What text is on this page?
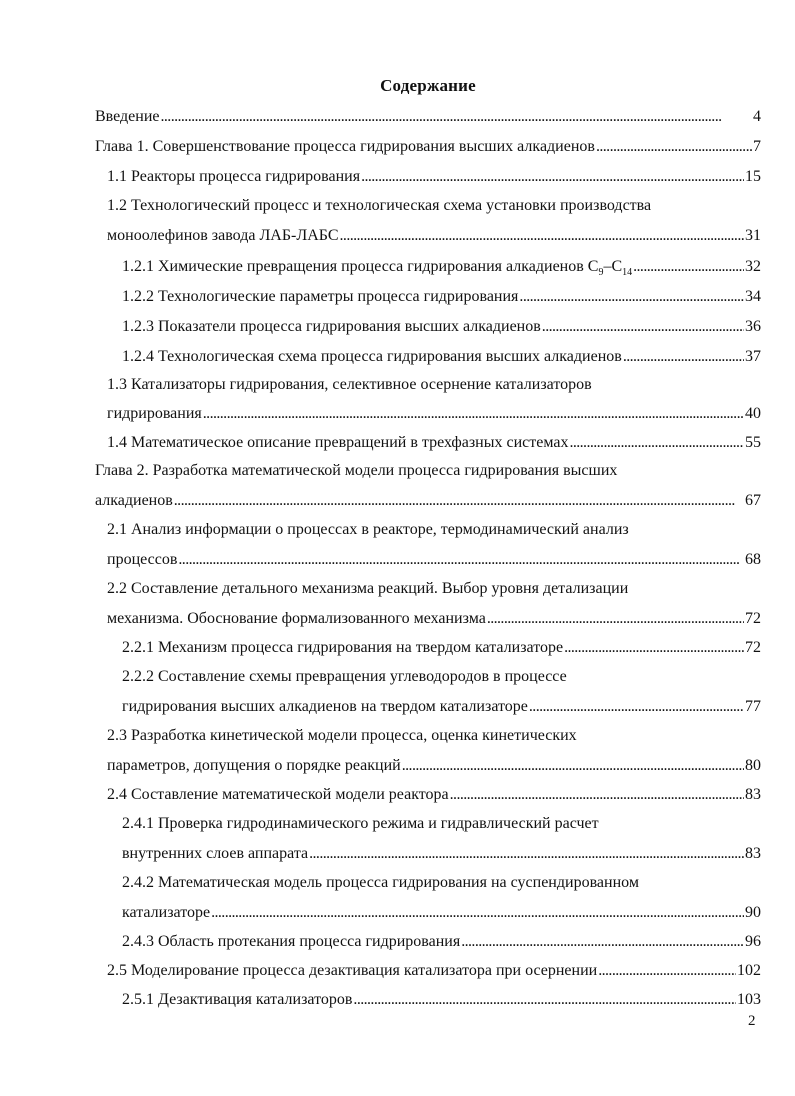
Содержание
Введение . . .	4
Глава 1. Совершенствование процесса гидрирования высших алкадиенов . . .	7
1.1 Реакторы процесса гидрирования . . .	15
1.2 Технологический процесс и технологическая схема установки производства
моноолефинов завода ЛАБ-ЛАБС . . .	31
1.2.1 Химические превращения процесса гидрирования алкадиенов $С_9-С_{14}$ . . .	32
1.2.2 Технологические параметры процесса гидрирования . . .	34
1.2.3 Показатели процесса гидрирования высших алкадиенов . . .	36
1.2.4 Технологическая схема процесса гидрирования высших алкадиенов . . .	37
1.3 Катализаторы гидрирования, селективное осернение катализаторов
гидрирования . . .	40
1.4 Математическое описание превращений в трехфазных системах . . .	55
Глава 2. Разработка математической модели процесса гидрирования высших
алкадиенов . . .	67
2.1 Анализ информации о процессах в реакторе, термодинамический анализ
процессов . . .	68
2.2 Составление детального механизма реакций. Выбор уровня детализации
механизма. Обоснование формализованного механизма . . .	72
2.2.1 Механизм процесса гидрирования на твердом катализаторе . . .	72
2.2.2 Составление схемы превращения углеводородов в процессе
гидрирования высших алкадиенов на твердом катализаторе . . .	77
2.3 Разработка кинетической модели процесса, оценка кинетических
параметров, допущения о порядке реакций . . .	80
2.4 Составление математической модели реактора . . .	83
2.4.1 Проверка гидродинамического режима и гидравлический расчет
внутренних слоев аппарата . . .	83
2.4.2 Математическая модель процесса гидрирования на суспендированном
катализаторе . . .	90
2.4.3 Область протекания процесса гидрирования . . .	96
2.5 Моделирование процесса дезактивация катализатора при осернении . . .	102
2.5.1 Дезактивация катализаторов . . .	103
2
